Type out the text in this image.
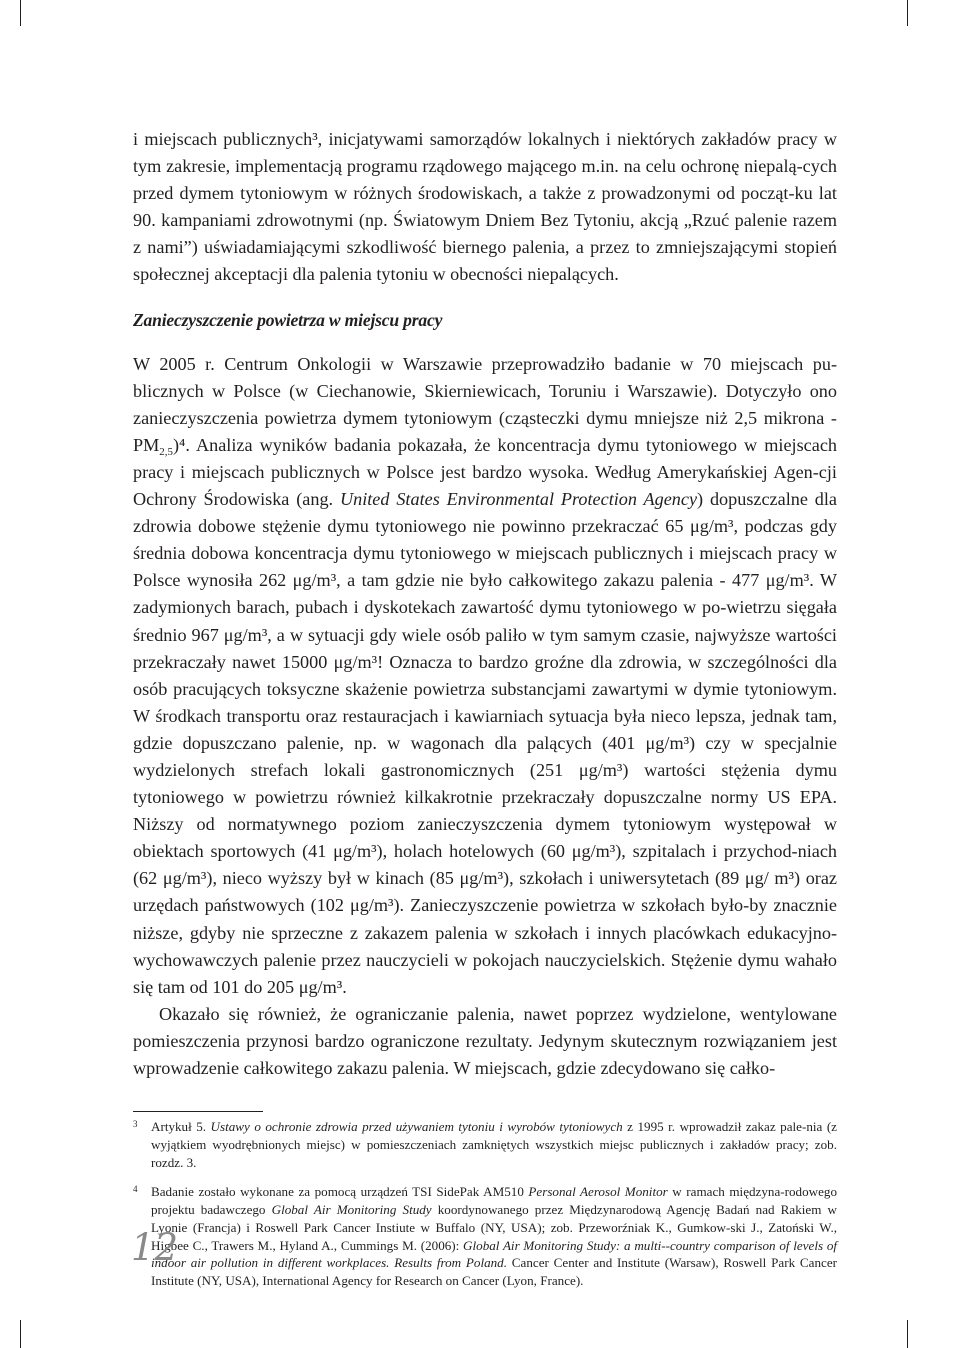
i miejscach publicznych³, inicjatywami samorządów lokalnych i niektórych zakładów pracy w tym zakresie, implementacją programu rządowego mającego m.in. na celu ochronę niepalą-cych przed dymem tytoniowym w różnych środowiskach, a także z prowadzonymi od począt-ku lat 90. kampaniami zdrowotnymi (np. Światowym Dniem Bez Tytoniu, akcją „Rzuć palenie razem z nami”) uświadamiającymi szkodliwość biernego palenia, a przez to zmniejszającymi stopień społecznej akceptacji dla palenia tytoniu w obecności niepalących.

Zanieczyszczenie powietrza w miejscu pracy

W 2005 r. Centrum Onkologii w Warszawie przeprowadziło badanie w 70 miejscach pu-blicznych w Polsce (w Ciechanowie, Skierniewicach, Toruniu i Warszawie). Dotyczyło ono zanieczyszczenia powietrza dymem tytoniowym (cząsteczki dymu mniejsze niż 2,5 mikrona - $PM_{2,5})^4$. Analiza wyników badania pokazała, że koncentracja dymu tytoniowego w miejscach pracy i miejscach publicznych w Polsce jest bardzo wysoka. Według Amerykańskiej Agen-cji Ochrony Środowiska (ang. United States Environmental Protection Agency) dopuszczalne dla zdrowia dobowe stężenie dymu tytoniowego nie powinno przekraczać 65 μg/m³, podczas gdy średnia dobowa koncentracja dymu tytoniowego w miejscach publicznych i miejscach pracy w Polsce wynosiła 262 μg/m³, a tam gdzie nie było całkowitego zakazu palenia - 477 μg/m³. W zadymionych barach, pubach i dyskotekach zawartość dymu tytoniowego w po-wietrzu sięgała średnio 967 μg/m³, a w sytuacji gdy wiele osób paliło w tym samym czasie, najwyższe wartości przekraczały nawet 15000 μg/m³! Oznacza to bardzo groźne dla zdrowia, w szczególności dla osób pracujących toksyczne skażenie powietrza substancjami zawartymi w dymie tytoniowym. W środkach transportu oraz restauracjach i kawiarniach sytuacja była nieco lepsza, jednak tam, gdzie dopuszczano palenie, np. w wagonach dla palących (401 μg/m³) czy w specjalnie wydzielonych strefach lokali gastronomicznych (251 μg/m³) wartości stężenia dymu tytoniowego w powietrzu również kilkakrotnie przekraczały dopuszczalne normy US EPA. Niższy od normatywnego poziom zanieczyszczenia dymem tytoniowym występował w obiektach sportowych (41 μg/m³), holach hotelowych (60 μg/m³), szpitalach i przychod-niach (62 μg/m³), nieco wyższy był w kinach (85 μg/m³), szkołach i uniwersytetach (89 μg/ m³) oraz urzędach państwowych (102 μg/m³). Zanieczyszczenie powietrza w szkołach było-by znacznie niższe, gdyby nie sprzeczne z zakazem palenia w szkołach i innych placówkach edukacyjno-wychowawczych palenie przez nauczycieli w pokojach nauczycielskich. Stężenie dymu wahało się tam od 101 do 205 μg/m³.

Okazało się również, że ograniczanie palenia, nawet poprzez wydzielone, wentylowane pomieszczenia przynosi bardzo ograniczone rezultaty. Jedynym skutecznym rozwiązaniem jest wprowadzenie całkowitego zakazu palenia. W miejscach, gdzie zdecydowano się całko-

3 Artykuł 5. Ustawy o ochronie zdrowia przed używaniem tytoniu i wyrobów tytoniowych z 1995 r. wprowadził zakaz pale-nia (z wyjątkiem wyodrębnionych miejsc) w pomieszczeniach zamkniętych wszystkich miejsc publicznych i zakładów pracy; zob. rozdz. 3.
4 Badanie zostało wykonane za pomocą urządzeń TSI SidePak AM510 Personal Aerosol Monitor w ramach międzyna-rodowego projektu badawczego Global Air Monitoring Study koordynowanego przez Międzynarodową Agencję Badań nad Rakiem w Lyonie (Francja) i Roswell Park Cancer Instiute w Buffalo (NY, USA); zob. Przeworźniak K., Gumkow-ski J., Zatoński W., Higbee C., Trawers M., Hyland A., Cummings M. (2006): Global Air Monitoring Study: a multi--country comparison of levels of indoor air pollution in different workplaces. Results from Poland. Cancer Center and Institute (Warsaw), Roswell Park Cancer Institute (NY, USA), International Agency for Research on Cancer (Lyon, France).
12
